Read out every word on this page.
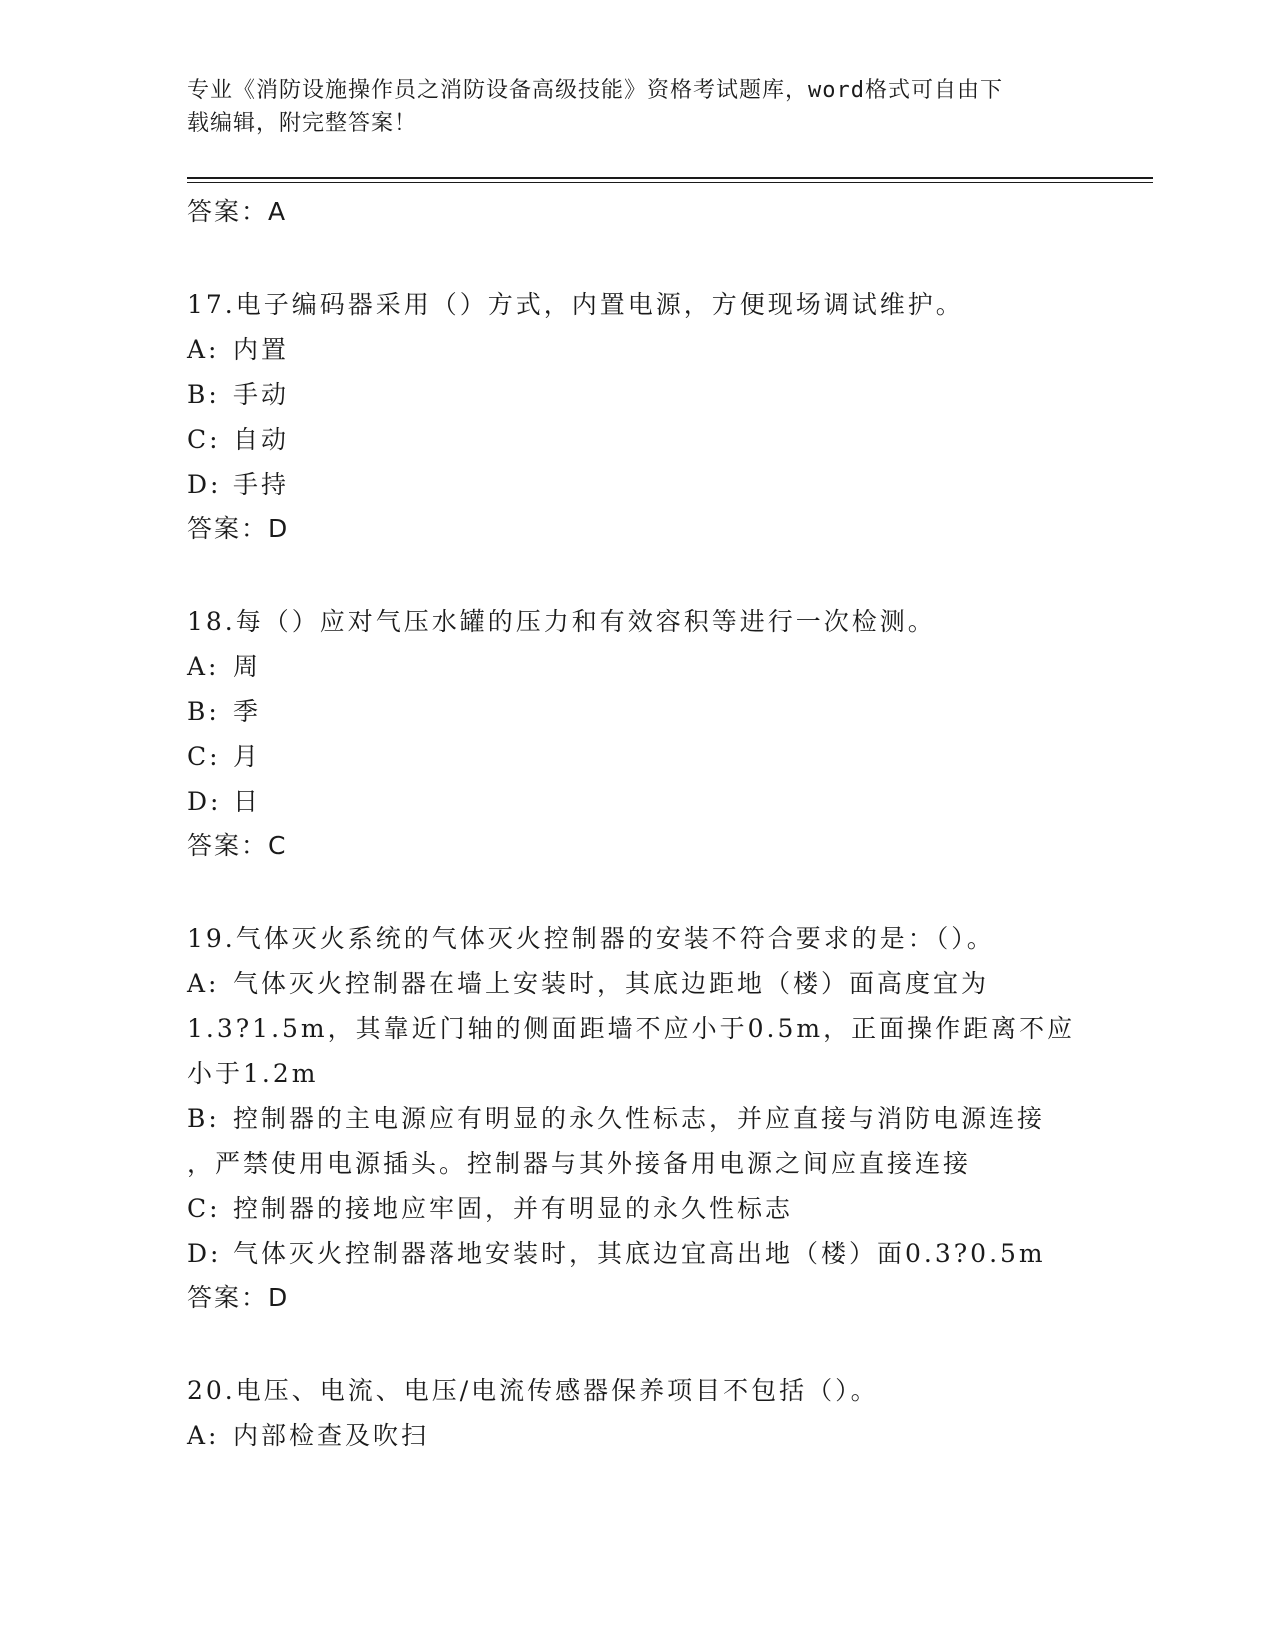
专业《消防设施操作员之消防设备高级技能》资格考试题库，word格式可自由下
载编辑，附完整答案！
答案：A
17.电子编码器采用（）方式，内置电源，方便现场调试维护。
A: 内置
B: 手动
C: 自动
D: 手持
答案：D
18.每（）应对气压水罐的压力和有效容积等进行一次检测。
A: 周
B: 季
C: 月
D: 日
答案：C
19.气体灭火系统的气体灭火控制器的安装不符合要求的是：（）。
A: 气体灭火控制器在墙上安装时，其底边距地（楼）面高度宜为
1.3?1.5m，其靠近门轴的侧面距墙不应小于0.5m，正面操作距离不应
小于1.2m
B: 控制器的主电源应有明显的永久性标志，并应直接与消防电源连接
，严禁使用电源插头。控制器与其外接备用电源之间应直接连接
C: 控制器的接地应牢固，并有明显的永久性标志
D: 气体灭火控制器落地安装时，其底边宜高出地（楼）面0.3?0.5m
答案：D
20.电压、电流、电压/电流传感器保养项目不包括（）。
A: 内部检查及吹扫
